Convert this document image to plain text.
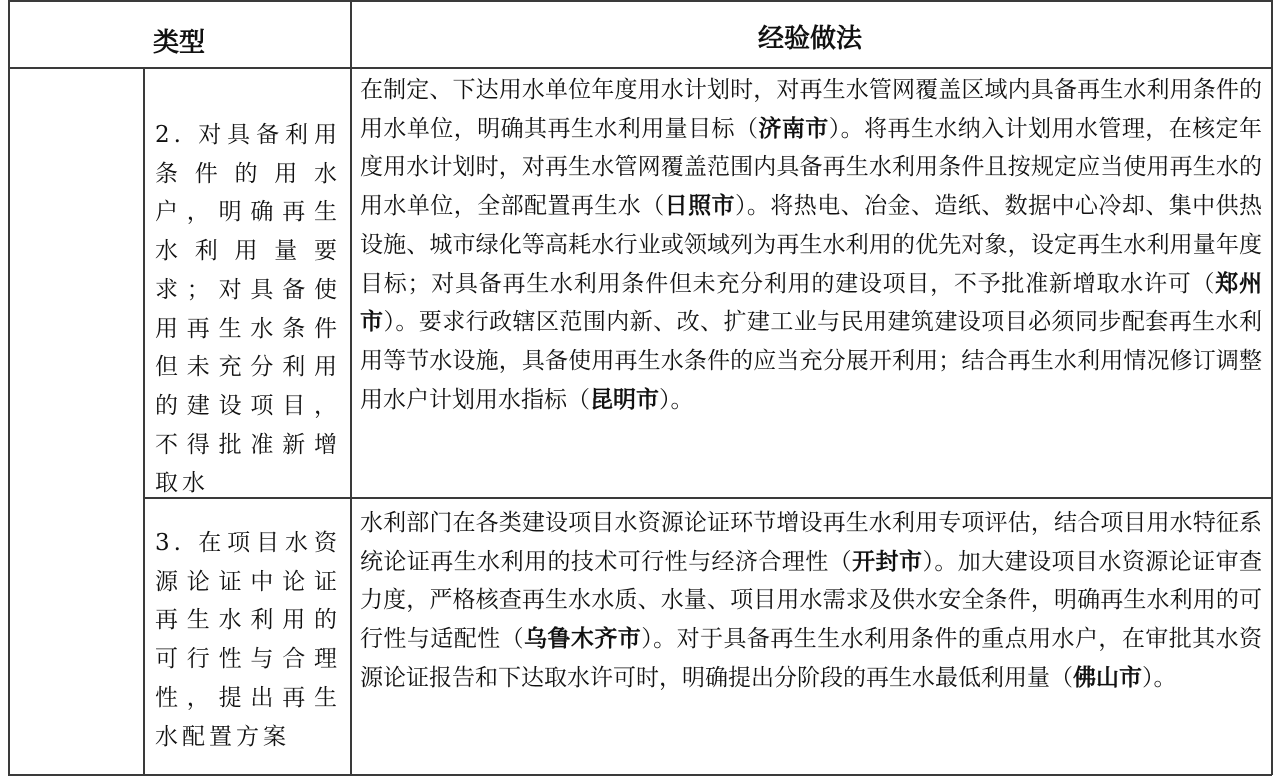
类型	经验做法
2. 对具备利用条件的用水户，明确再生水利用量要求；对具备使用再生水条件但未充分利用的建设项目，不得批准新增取水
在制定、下达用水单位年度用水计划时，对再生水管网覆盖区域内具备再生水利用条件的用水单位，明确其再生水利用量目标（济南市）。将再生水纳入计划用水管理，在核定年度用水计划时，对再生水管网覆盖范围内具备再生水利用条件且按规定应当使用再生水的用水单位，全部配置再生水（日照市）。将热电、冶金、造纸、数据中心冷却、集中供热设施、城市绿化等高耗水行业或领域列为再生水利用的优先对象，设定再生水利用量年度目标；对具备再生水利用条件但未充分利用的建设项目，不予批准新增取水许可（郑州市）。要求行政辖区范围内新、改、扩建工业与民用建筑建设项目必须同步配套再生水利用等节水设施，具备使用再生水条件的应当充分展开利用；结合再生水利用情况修订调整用水户计划用水指标（昆明市）。
3. 在项目水资源论证中论证再生水利用的可行性与合理性，提出再生水配置方案
水利部门在各类建设项目水资源论证环节增设再生水利用专项评估，结合项目用水特征系统论证再生水利用的技术可行性与经济合理性（开封市）。加大建设项目水资源论证审查力度，严格核查再生水水质、水量、项目用水需求及供水安全条件，明确再生水利用的可行性与适配性（乌鲁木齐市）。对于具备再生生水利用条件的重点用水户，在审批其水资源论证报告和下达取水许可时，明确提出分阶段的再生水最低利用量（佛山市）。
